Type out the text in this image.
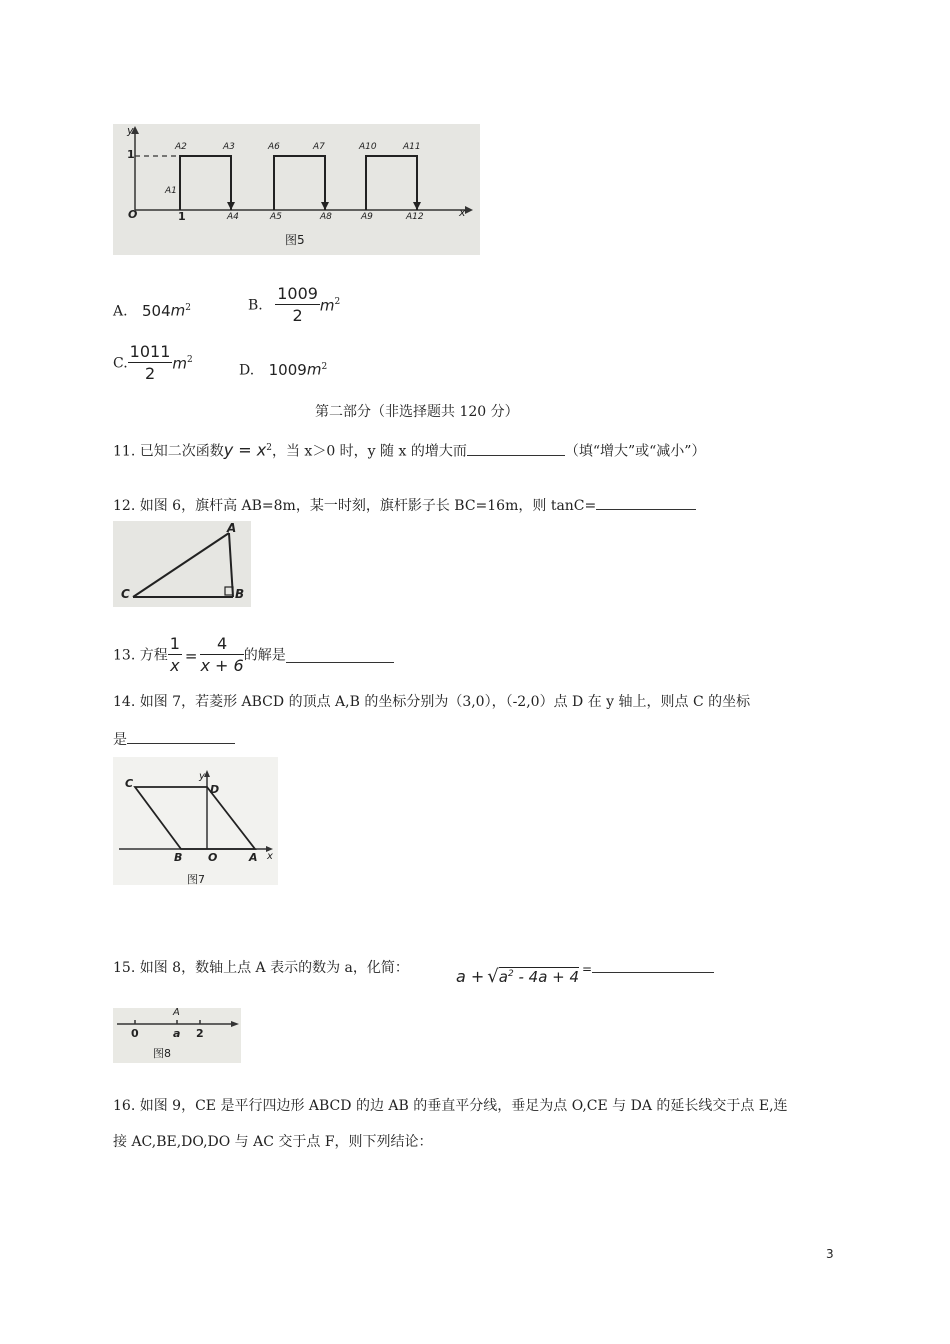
y
x
O	1
1
A1
A2	A3
A4	A5
A6	A7
A8	A9
A10	A11
A12
图5
A. $504m^2$	B. $\frac{1009}{2} m^2$
C. $\frac{1011}{2} m^2$
D. $1009m^2$
第二部分（非选择题共 120 分）
11. 已知二次函数$y = x^2$，当 x＞0 时，y 随 x 的增大而	（填“增大”或“减小”）
12. 如图 6，旗杆高 AB=8m，某一时刻，旗杆影子长 BC=16m，则 tanC=
A
B
C
13. 方程 $\frac{1}{x} = \frac{4}{x + 6}$ 的解是
14. 如图 7，若菱形 ABCD 的顶点 A,B 的坐标分别为（3,0），（-2,0）点 D 在 y 轴上，则点 C 的坐标
是
C
y
D
B O	A x
图7
15. 如图 8，数轴上点 A 表示的数为 a，化简：	$a + √a^2 - 4a + 4$ =
A
0	a 2
图8
16. 如图 9，CE 是平行四边形 ABCD 的边 AB 的垂直平分线，垂足为点 O,CE 与 DA 的延长线交于点 E,连
接 AC,BE,DO,DO 与 AC 交于点 F，则下列结论：
3
